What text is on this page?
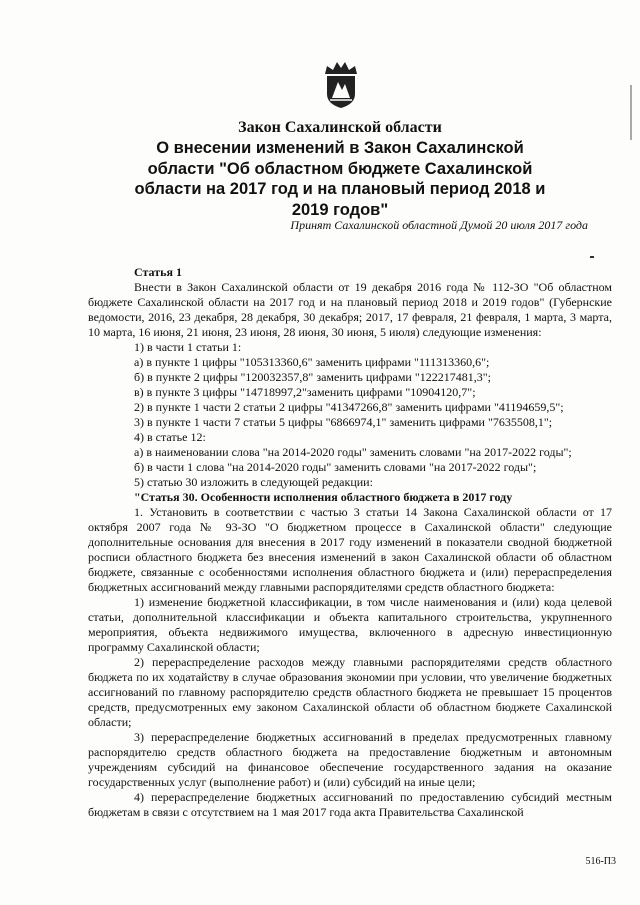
Закон Сахалинской области
О внесении изменений в Закон Сахалинской
области "Об областном бюджете Сахалинской
области на 2017 год и на плановый период 2018 и
2019 годов"
Принят Сахалинской областной Думой 20 июля 2017 года

Статья 1

Внести в Закон Сахалинской области от 19 декабря 2016 года № 112-ЗО "Об областном бюджете Сахалинской области на 2017 год и на плановый период 2018 и 2019 годов" (Губернские ведомости, 2016, 23 декабря, 28 декабря, 30 декабря; 2017, 17 февраля, 21 февраля, 1 марта, 3 марта, 10 марта, 16 июня, 21 июня, 23 июня, 28 июня, 30 июня, 5 июля) следующие изменения:

1) в части 1 статьи 1:

а) в пункте 1 цифры "105313360,6" заменить цифрами "111313360,6";

б) в пункте 2 цифры "120032357,8" заменить цифрами "122217481,3";

в) в пункте 3 цифры "14718997,2"заменить цифрами "10904120,7";

2) в пункте 1 части 2 статьи 2 цифры "41347266,8" заменить цифрами "41194659,5";

3) в пункте 1 части 7 статьи 5 цифры "6866974,1" заменить цифрами "7635508,1";

4) в статье 12:

а) в наименовании слова "на 2014-2020 годы" заменить словами "на 2017-2022 годы";

б) в части 1 слова "на 2014-2020 годы" заменить словами "на 2017-2022 годы";

5) статью 30 изложить в следующей редакции:

"Статья 30. Особенности исполнения областного бюджета в 2017 году

1. Установить в соответствии с частью 3 статьи 14 Закона Сахалинской области от 17 октября 2007 года № 93-ЗО "О бюджетном процессе в Сахалинской области" следующие дополнительные основания для внесения в 2017 году изменений в показатели сводной бюджетной росписи областного бюджета без внесения изменений в закон Сахалинской области об областном бюджете, связанные с особенностями исполнения областного бюджета и (или) перераспределения бюджетных ассигнований между главными распорядителями средств областного бюджета:

1) изменение бюджетной классификации, в том числе наименования и (или) кода целевой статьи, дополнительной классификации и объекта капитального строительства, укрупненного мероприятия, объекта недвижимого имущества, включенного в адресную инвестиционную программу Сахалинской области;

2) перераспределение расходов между главными распорядителями средств областного бюджета по их ходатайству в случае образования экономии при условии, что увеличение бюджетных ассигнований по главному распорядителю средств областного бюджета не превышает 15 процентов средств, предусмотренных ему законом Сахалинской области об областном бюджете Сахалинской области;

3) перераспределение бюджетных ассигнований в пределах предусмотренных главному распорядителю средств областного бюджета на предоставление бюджетным и автономным учреждениям субсидий на финансовое обеспечение государственного задания на оказание государственных услуг (выполнение работ) и (или) субсидий на иные цели;

4) перераспределение бюджетных ассигнований по предоставлению субсидий местным бюджетам в связи с отсутствием на 1 мая 2017 года акта Правительства Сахалинской

516-П3
